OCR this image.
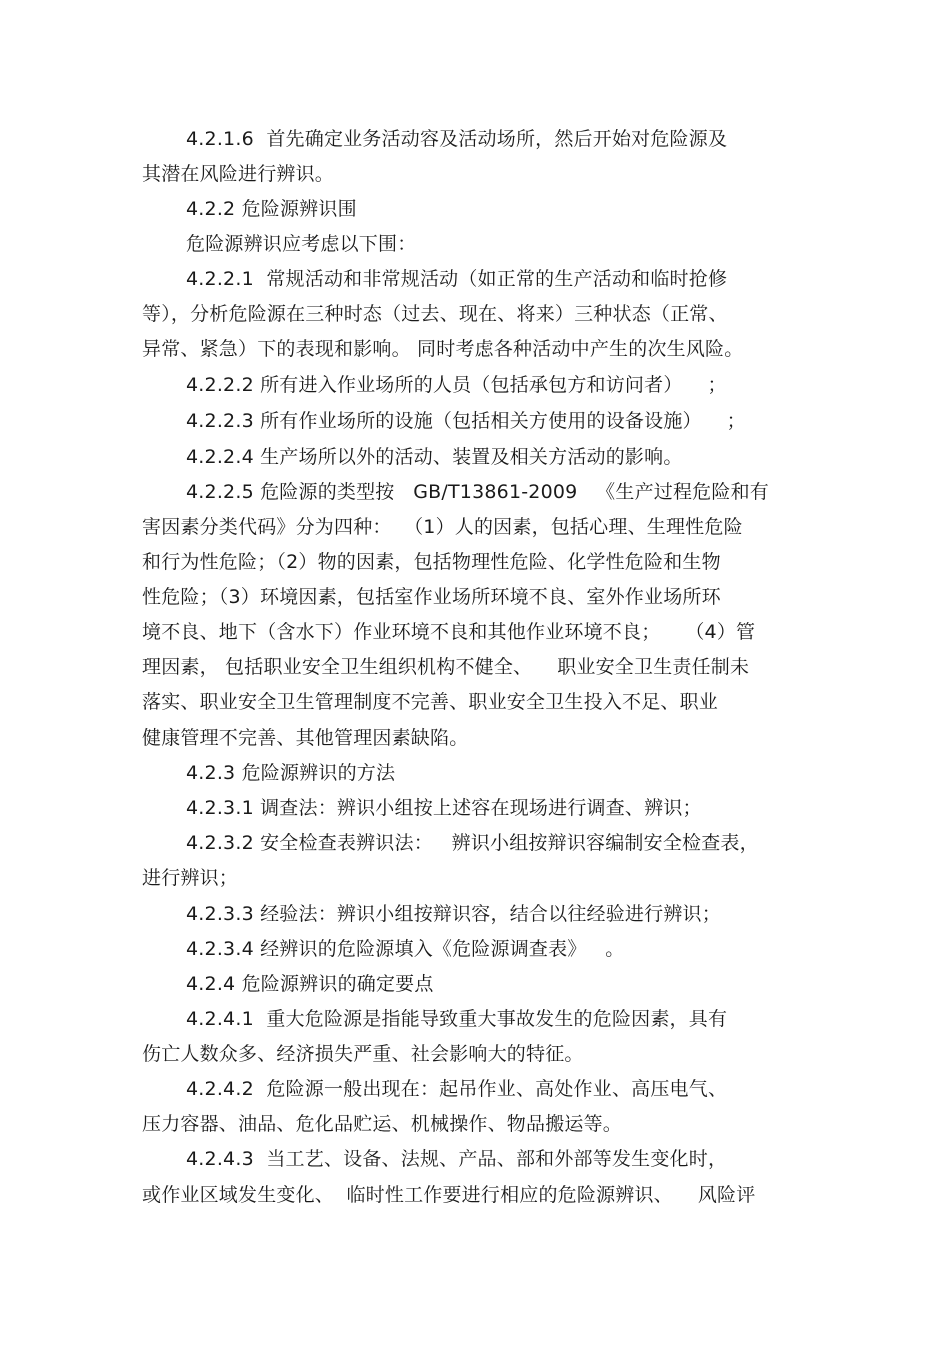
4.2.1.6  首先确定业务活动容及活动场所，然后开始对危险源及
其潜在风险进行辨识。
4.2.2 危险源辨识围
危险源辨识应考虑以下围：
4.2.2.1  常规活动和非常规活动（如正常的生产活动和临时抢修
等），分析危险源在三种时态（过去、现在、将来）三种状态（正常、
异常、紧急）下的表现和影响。 同时考虑各种活动中产生的次生风险。
4.2.2.2 所有进入作业场所的人员（包括承包方和访问者）    ；
4.2.2.3 所有作业场所的设施（包括相关方使用的设备设施）    ；
4.2.2.4 生产场所以外的活动、装置及相关方活动的影响。
4.2.2.5 危险源的类型按   GB/T13861-2009   《生产过程危险和有
害因素分类代码》分为四种：  （1）人的因素，包括心理、生理性危险
和行为性危险；（2）物的因素，包括物理性危险、化学性危险和生物
性危险；（3）环境因素，包括室作业场所环境不良、室外作业场所环
境不良、地下（含水下）作业环境不良和其他作业环境不良；    （4）管
理因素， 包括职业安全卫生组织机构不健全、    职业安全卫生责任制未
落实、职业安全卫生管理制度不完善、职业安全卫生投入不足、职业
健康管理不完善、其他管理因素缺陷。
4.2.3 危险源辨识的方法
4.2.3.1 调查法：辨识小组按上述容在现场进行调查、辨识；
4.2.3.2 安全检查表辨识法：   辨识小组按辩识容编制安全检查表，
进行辨识；
4.2.3.3 经验法：辨识小组按辩识容，结合以往经验进行辨识；
4.2.3.4 经辨识的危险源填入《危险源调查表》   。
4.2.4 危险源辨识的确定要点
4.2.4.1  重大危险源是指能导致重大事故发生的危险因素，具有
伤亡人数众多、经济损失严重、社会影响大的特征。
4.2.4.2  危险源一般出现在：起吊作业、高处作业、高压电气、
压力容器、油品、危化品贮运、机械操作、物品搬运等。
4.2.4.3  当工艺、设备、法规、产品、部和外部等发生变化时，
或作业区域发生变化、  临时性工作要进行相应的危险源辨识、    风险评
